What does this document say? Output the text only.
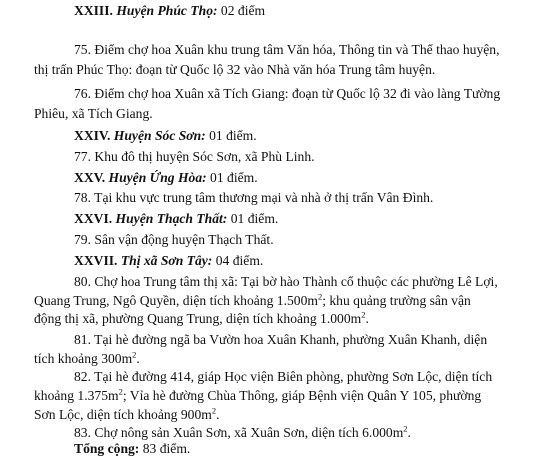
XXIII. Huyện Phúc Thọ: 02 điểm
75. Điểm chợ hoa Xuân khu trung tâm Văn hóa, Thông tin và Thể thao huyện,
thị trấn Phúc Thọ: đoạn từ Quốc lộ 32 vào Nhà văn hóa Trung tâm huyện.
76. Điểm chợ hoa Xuân xã Tích Giang: đoạn từ Quốc lộ 32 đi vào làng Tường
Phiêu, xã Tích Giang.
XXIV. Huyện Sóc Sơn: 01 điểm.
77. Khu đô thị huyện Sóc Sơn, xã Phù Linh.
XXV. Huyện Ứng Hòa: 01 điểm.
78. Tại khu vực trung tâm thương mại và nhà ở thị trấn Vân Đình.
XXVI. Huyện Thạch Thất: 01 điểm.
79. Sân vận động huyện Thạch Thất.
XXVII. Thị xã Sơn Tây: 04 điểm.
80. Chợ hoa Trung tâm thị xã: Tại bờ hào Thành cổ thuộc các phường Lê Lợi,
Quang Trung, Ngô Quyền, diện tích khoảng $1.500m^2$; khu quảng trường sân vận
động thị xã, phường Quang Trung, diện tích khoảng $1.000m^2$.
81. Tại hè đường ngã ba Vườn hoa Xuân Khanh, phường Xuân Khanh, diện
tích khoảng $300m^2$.
82. Tại hè đường 414, giáp Học viện Biên phòng, phường Sơn Lộc, diện tích
khoảng $1.375m^2$; Vỉa hè đường Chùa Thông, giáp Bệnh viện Quân Y 105, phường
Sơn Lộc, diện tích khoảng $900m^2$.
83. Chợ nông sản Xuân Sơn, xã Xuân Sơn, diện tích $6.000m^2$.
Tổng cộng: 83 điểm.
